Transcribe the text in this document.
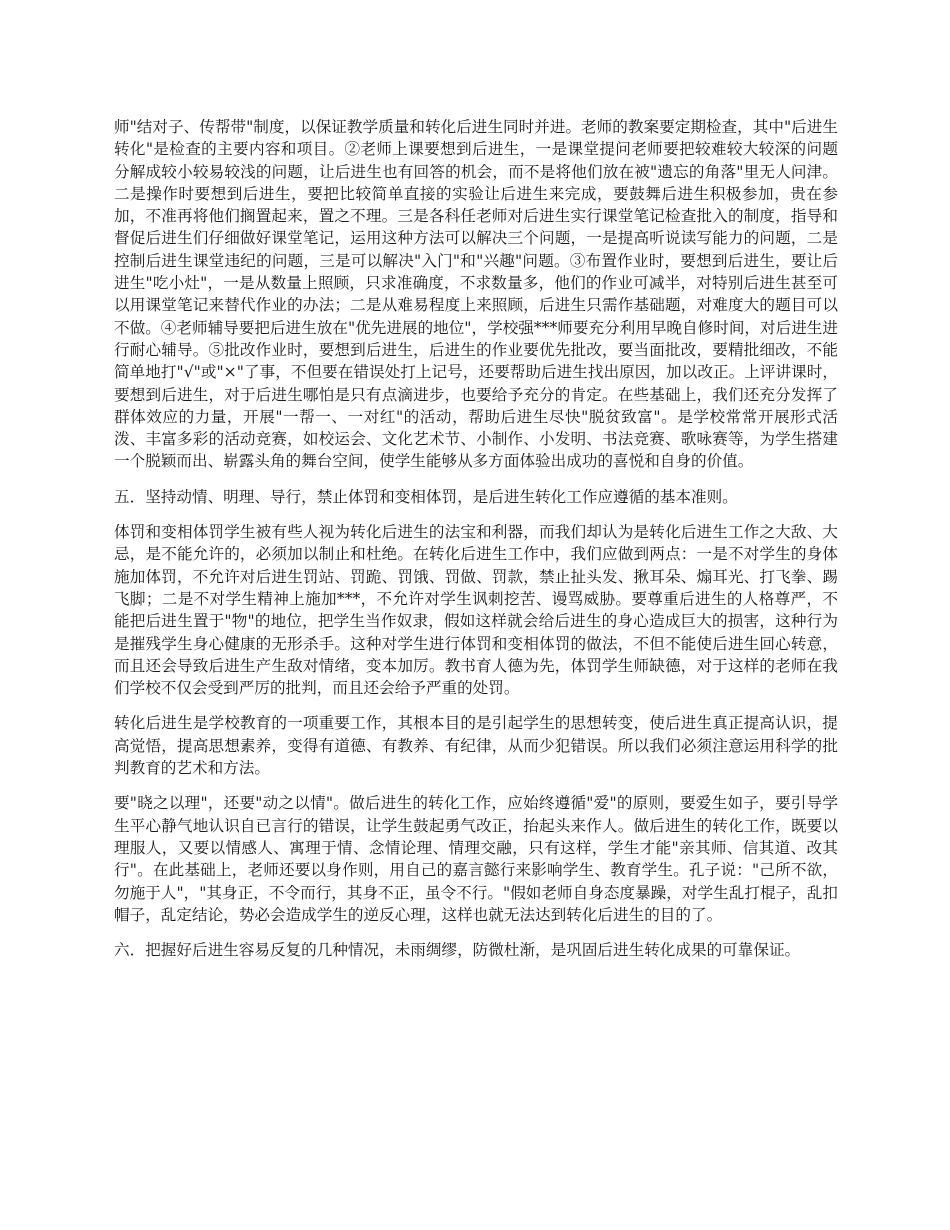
师"结对子、传帮带"制度，以保证教学质量和转化后进生同时并进。老师的教案要定期检查，其中"后进生转化"是检查的主要内容和项目。②老师上课要想到后进生，一是课堂提问老师要把较难较大较深的问题分解成较小较易较浅的问题，让后进生也有回答的机会，而不是将他们放在被"遗忘的角落"里无人问津。二是操作时要想到后进生，要把比较简单直接的实验让后进生来完成，要鼓舞后进生积极参加，贵在参加，不准再将他们搁置起来，置之不理。三是各科任老师对后进生实行课堂笔记检查批入的制度，指导和督促后进生们仔细做好课堂笔记，运用这种方法可以解决三个问题，一是提高听说读写能力的问题，二是控制后进生课堂违纪的问题，三是可以解决"入门"和"兴趣"问题。③布置作业时，要想到后进生，要让后进生"吃小灶"，一是从数量上照顾，只求准确度，不求数量多，他们的作业可减半，对特别后进生甚至可以用课堂笔记来替代作业的办法；二是从难易程度上来照顾，后进生只需作基础题，对难度大的题目可以不做。④老师辅导要把后进生放在"优先进展的地位"，学校强***师要充分利用早晚自修时间，对后进生进行耐心辅导。⑤批改作业时，要想到后进生，后进生的作业要优先批改，要当面批改，要精批细改，不能简单地打"√"或"×"了事，不但要在错误处打上记号，还要帮助后进生找出原因，加以改正。上评讲课时，要想到后进生，对于后进生哪怕是只有点滴进步，也要给予充分的肯定。在些基础上，我们还充分发挥了群体效应的力量，开展"一帮一、一对红"的活动，帮助后进生尽快"脱贫致富"。是学校常常开展形式活泼、丰富多彩的活动竞赛，如校运会、文化艺术节、小制作、小发明、书法竞赛、歌咏赛等，为学生搭建一个脱颖而出、崭露头角的舞台空间，使学生能够从多方面体验出成功的喜悦和自身的价值。

五．坚持动情、明理、导行，禁止体罚和变相体罚，是后进生转化工作应遵循的基本准则。

体罚和变相体罚学生被有些人视为转化后进生的法宝和利器，而我们却认为是转化后进生工作之大敌、大忌，是不能允许的，必须加以制止和杜绝。在转化后进生工作中，我们应做到两点：一是不对学生的身体施加体罚，不允许对后进生罚站、罚跪、罚饿、罚做、罚款，禁止扯头发、揪耳朵、煽耳光、打飞拳、踢飞脚；二是不对学生精神上施加***，不允许对学生讽刺挖苦、谩骂威胁。要尊重后进生的人格尊严，不能把后进生置于"物"的地位，把学生当作奴隶，假如这样就会给后进生的身心造成巨大的损害，这种行为是摧残学生身心健康的无形杀手。这种对学生进行体罚和变相体罚的做法，不但不能使后进生回心转意，而且还会导致后进生产生敌对情绪，变本加厉。教书育人德为先，体罚学生师缺德，对于这样的老师在我们学校不仅会受到严厉的批判，而且还会给予严重的处罚。

转化后进生是学校教育的一项重要工作，其根本目的是引起学生的思想转变，使后进生真正提高认识，提高觉悟，提高思想素养，变得有道德、有教养、有纪律，从而少犯错误。所以我们必须注意运用科学的批判教育的艺术和方法。

要"晓之以理"，还要"动之以情"。做后进生的转化工作，应始终遵循"爱"的原则，要爱生如子，要引导学生平心静气地认识自已言行的错误，让学生鼓起勇气改正，抬起头来作人。做后进生的转化工作，既要以理服人，又要以情感人、寓理于情、念情论理、情理交融，只有这样，学生才能"亲其师、信其道、改其行"。在此基础上，老师还要以身作则，用自己的嘉言懿行来影响学生、教育学生。孔子说："己所不欲，勿施于人"，"其身正，不令而行，其身不正，虽令不行。"假如老师自身态度暴躁，对学生乱打棍子，乱扣帽子，乱定结论，势必会造成学生的逆反心理，这样也就无法达到转化后进生的目的了。

六．把握好后进生容易反复的几种情况，未雨绸缪，防微杜渐，是巩固后进生转化成果的可靠保证。
